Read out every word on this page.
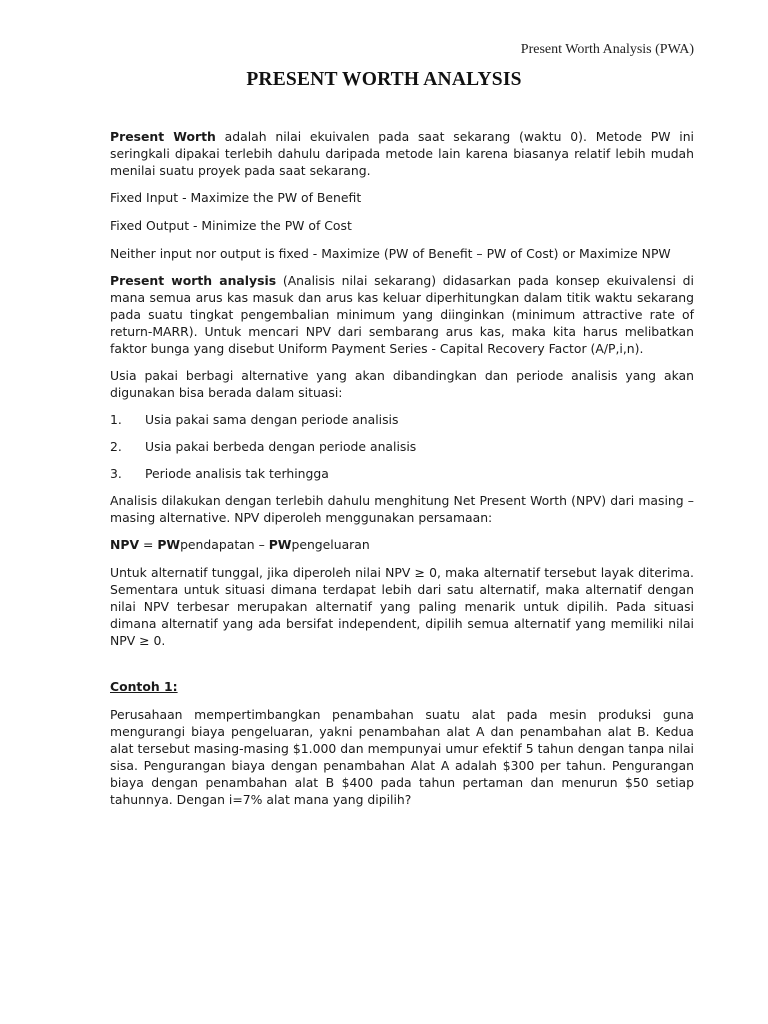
Present Worth Analysis (PWA)
PRESENT WORTH ANALYSIS

Present Worth adalah nilai ekuivalen pada saat sekarang (waktu 0). Metode PW ini seringkali dipakai terlebih dahulu daripada metode lain karena biasanya relatif lebih mudah menilai suatu proyek pada saat sekarang.

Fixed Input - Maximize the PW of Benefit

Fixed Output - Minimize the PW of Cost

Neither input nor output is fixed - Maximize (PW of Benefit – PW of Cost) or Maximize NPW

Present worth analysis (Analisis nilai sekarang) didasarkan pada konsep ekuivalensi di mana semua arus kas masuk dan arus kas keluar diperhitungkan dalam titik waktu sekarang pada suatu tingkat pengembalian minimum yang diinginkan (minimum attractive rate of return-MARR). Untuk mencari NPV dari sembarang arus kas, maka kita harus melibatkan faktor bunga yang disebut Uniform Payment Series - Capital Recovery Factor (A/P,i,n).

Usia pakai berbagi alternative yang akan dibandingkan dan periode analisis yang akan digunakan bisa berada dalam situasi:

1.	Usia pakai sama dengan periode analisis
2.	Usia pakai berbeda dengan periode analisis
3.	Periode analisis tak terhingga

Analisis dilakukan dengan terlebih dahulu menghitung Net Present Worth (NPV) dari masing – masing alternative. NPV diperoleh menggunakan persamaan:

NPV = PWpendapatan – PWpengeluaran

Untuk alternatif tunggal, jika diperoleh nilai NPV ≥ 0, maka alternatif tersebut layak diterima. Sementara untuk situasi dimana terdapat lebih dari satu alternatif, maka alternatif dengan nilai NPV terbesar merupakan alternatif yang paling menarik untuk dipilih. Pada situasi dimana alternatif yang ada bersifat independent, dipilih semua alternatif yang memiliki nilai NPV ≥ 0.

Contoh 1:

Perusahaan mempertimbangkan penambahan suatu alat pada mesin produksi guna mengurangi biaya pengeluaran, yakni penambahan alat A dan penambahan alat B. Kedua alat tersebut masing-masing $1.000 dan mempunyai umur efektif 5 tahun dengan tanpa nilai sisa. Pengurangan biaya dengan penambahan Alat A adalah $300 per tahun. Pengurangan biaya dengan penambahan alat B $400 pada tahun pertaman dan menurun $50 setiap tahunnya. Dengan i=7% alat mana yang dipilih?
